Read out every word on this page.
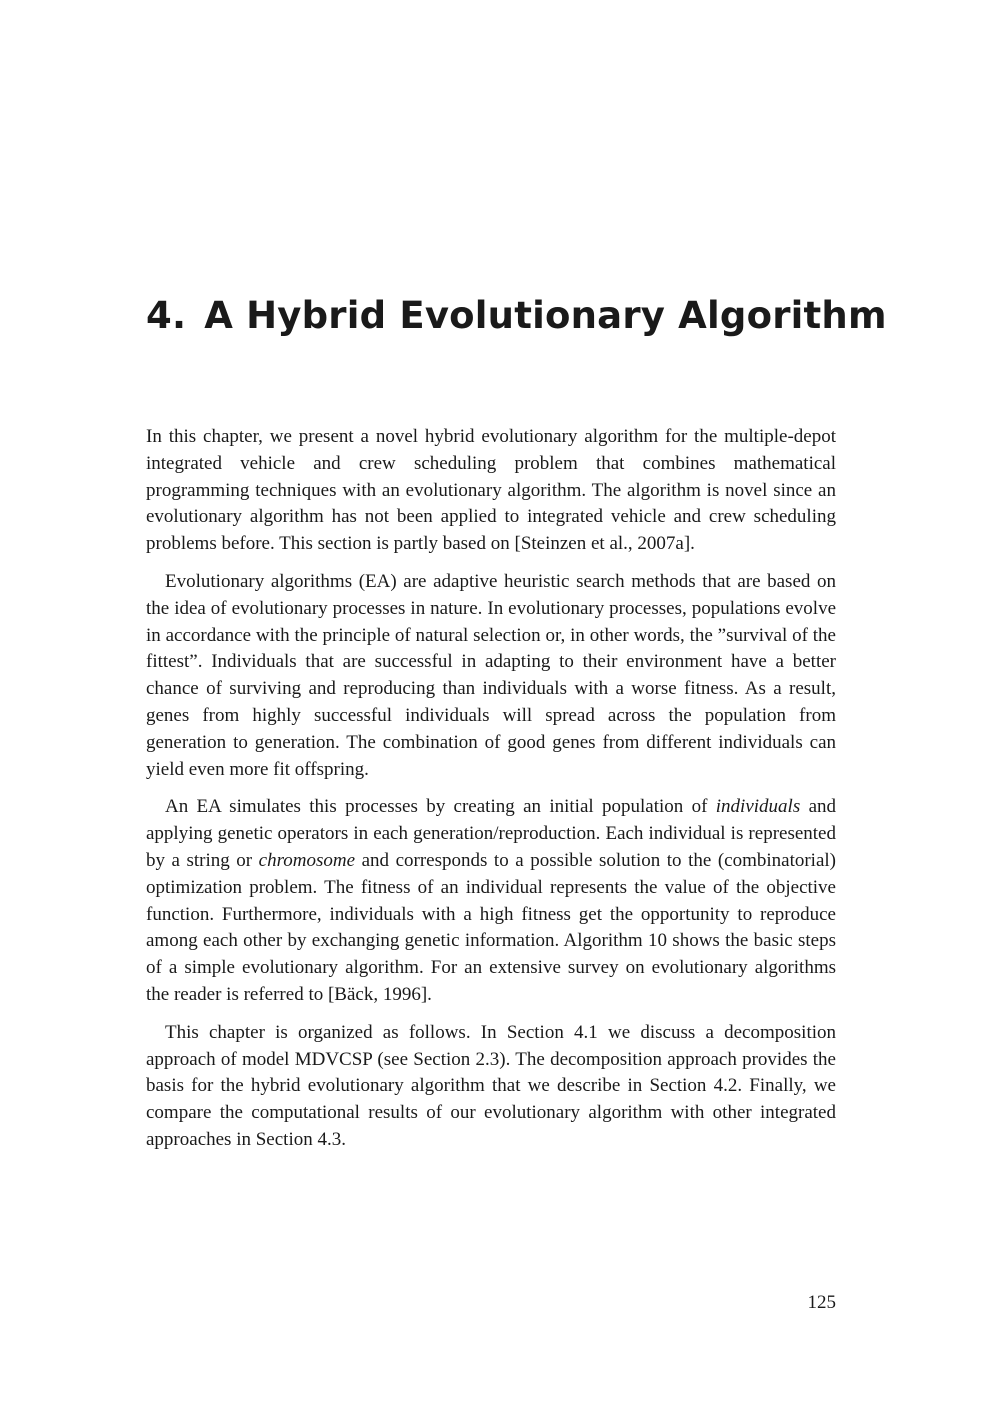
4. A Hybrid Evolutionary Algorithm

In this chapter, we present a novel hybrid evolutionary algorithm for the multiple-depot integrated vehicle and crew scheduling problem that combines mathematical programming techniques with an evolutionary algorithm. The algorithm is novel since an evolutionary algorithm has not been applied to integrated vehicle and crew scheduling problems before. This section is partly based on [Steinzen et al., 2007a].

Evolutionary algorithms (EA) are adaptive heuristic search methods that are based on the idea of evolutionary processes in nature. In evolutionary processes, populations evolve in accordance with the principle of natural selection or, in other words, the ”survival of the fittest”. Individuals that are successful in adapting to their environment have a better chance of surviving and reproducing than individuals with a worse fitness. As a result, genes from highly successful individuals will spread across the population from generation to generation. The combination of good genes from different individuals can yield even more fit offspring.

An EA simulates this processes by creating an initial population of individuals and applying genetic operators in each generation/reproduction. Each individual is represented by a string or chromosome and corresponds to a possible solution to the (combinatorial) optimization problem. The fitness of an individual represents the value of the objective function. Furthermore, individuals with a high fitness get the opportunity to reproduce among each other by exchanging genetic information. Algorithm 10 shows the basic steps of a simple evolutionary algorithm. For an extensive survey on evolutionary algorithms the reader is referred to [Bäck, 1996].

This chapter is organized as follows. In Section 4.1 we discuss a decomposition approach of model MDVCSP (see Section 2.3). The decomposition approach provides the basis for the hybrid evolutionary algorithm that we describe in Section 4.2. Finally, we compare the computational results of our evolutionary algorithm with other integrated approaches in Section 4.3.

125
